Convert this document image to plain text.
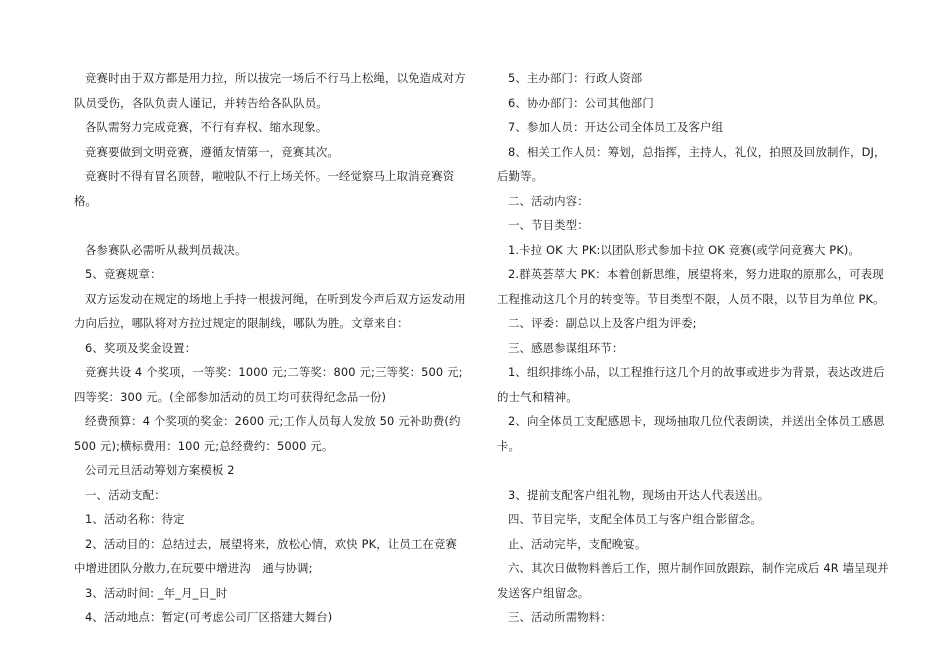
竞赛时由于双方都是用力拉，所以拔完一场后不行马上松绳，以免造成对方队员受伤，各队负责人谨记，并转告给各队队员。

各队需努力完成竞赛，不行有弃权、缩水现象。

竞赛要做到文明竞赛，遵循友情第一，竞赛其次。

竞赛时不得有冒名顶替，啦啦队不行上场关怀。一经觉察马上取消竞赛资格。

各参赛队必需听从裁判员裁决。

5、竞赛规章：

双方运发动在规定的场地上手持一根拔河绳，在听到发今声后双方运发动用力向后拉，哪队将对方拉过规定的限制线，哪队为胜。文章来自：

6、奖项及奖金设置：

竞赛共设 4 个奖项，一等奖：1000 元;二等奖：800 元;三等奖：500 元;四等奖：300 元。(全部参加活动的员工均可获得纪念品一份)

经费预算：4 个奖项的奖金：2600 元;工作人员每人发放 50 元补助费(约 500 元);横标费用：100 元;总经费约：5000 元。

公司元旦活动筹划方案模板 2

一、活动支配：

1、活动名称：待定

2、活动目的：总结过去，展望将来，放松心情，欢快 PK，让员工在竞赛中增进团队分散力,在玩要中增进沟　通与协调;

3、活动时间: _年_月_日_时

4、活动地点：暂定(可考虑公司厂区搭建大舞台)

5、主办部门：行政人资部

6、协办部门：公司其他部门

7、参加人员：开达公司全体员工及客户组

8、相关工作人员：筹划，总指挥，主持人，礼仪，拍照及回放制作，DJ，后勤等。

二、活动内容：

一、节目类型：

1.卡拉 OK 大 PK:以团队形式参加卡拉 OK 竞赛(或学问竞赛大 PK)。

2.群英荟萃大 PK：本着创新思维，展望将来，努力进取的原那么，可表现工程推动这几个月的转变等。节目类型不限，人员不限，以节目为单位 PK。

二、评委：副总以上及客户组为评委;

三、感恩参谋组环节：

1、组织排练小品，以工程推行这几个月的故事或进步为背景，表达改进后的士气和精神。

2、向全体员工支配感恩卡，现场抽取几位代表朗读，并送出全体员工感恩卡。

3、提前支配客户组礼物，现场由开达人代表送出。

四、节目完毕，支配全体员工与客户组合影留念。

止、活动完毕，支配晚宴。

六、其次日做物料善后工作，照片制作回放跟踪，制作完成后 4R 墙呈现并发送客户组留念。

三、活动所需物料：
